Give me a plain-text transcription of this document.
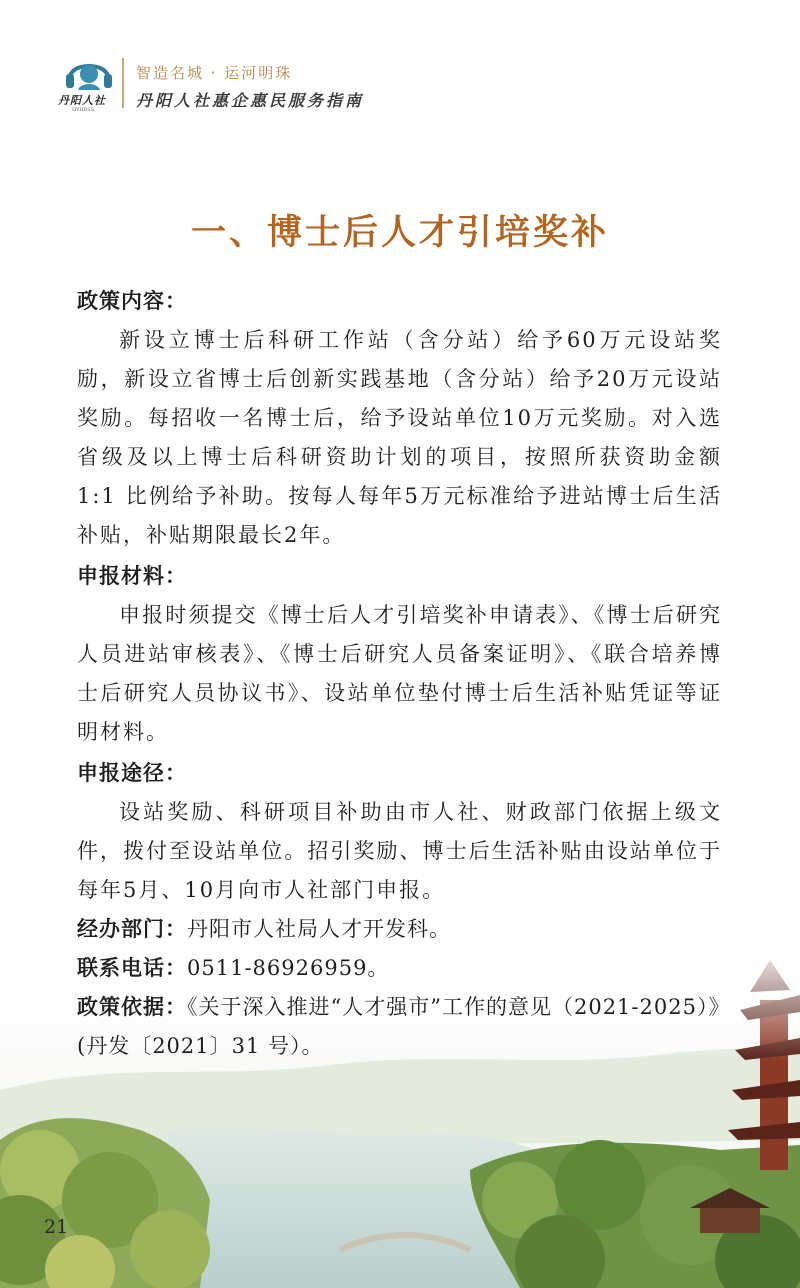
丹阳人社
DYHRSS
智造名城 · 运河明珠
丹阳人社惠企惠民服务指南
一、博士后人才引培奖补

政策内容：

新设立博士后科研工作站（含分站）给予60万元设站奖励，新设立省博士后创新实践基地（含分站）给予20万元设站奖励。每招收一名博士后，给予设站单位10万元奖励。对入选省级及以上博士后科研资助计划的项目，按照所获资助金额 1:1 比例给予补助。按每人每年5万元标准给予进站博士后生活补贴，补贴期限最长2年。

申报材料：

申报时须提交《博士后人才引培奖补申请表》、《博士后研究人员进站审核表》、《博士后研究人员备案证明》、《联合培养博士后研究人员协议书》、设站单位垫付博士后生活补贴凭证等证明材料。

申报途径：

设站奖励、科研项目补助由市人社、财政部门依据上级文件，拨付至设站单位。招引奖励、博士后生活补贴由设站单位于每年5月、10月向市人社部门申报。

经办部门：丹阳市人社局人才开发科。

联系电话：0511-86926959。

政策依据：《关于深入推进“人才强市”工作的意见（2021-2025）》(丹发〔2021〕31 号）。

21
